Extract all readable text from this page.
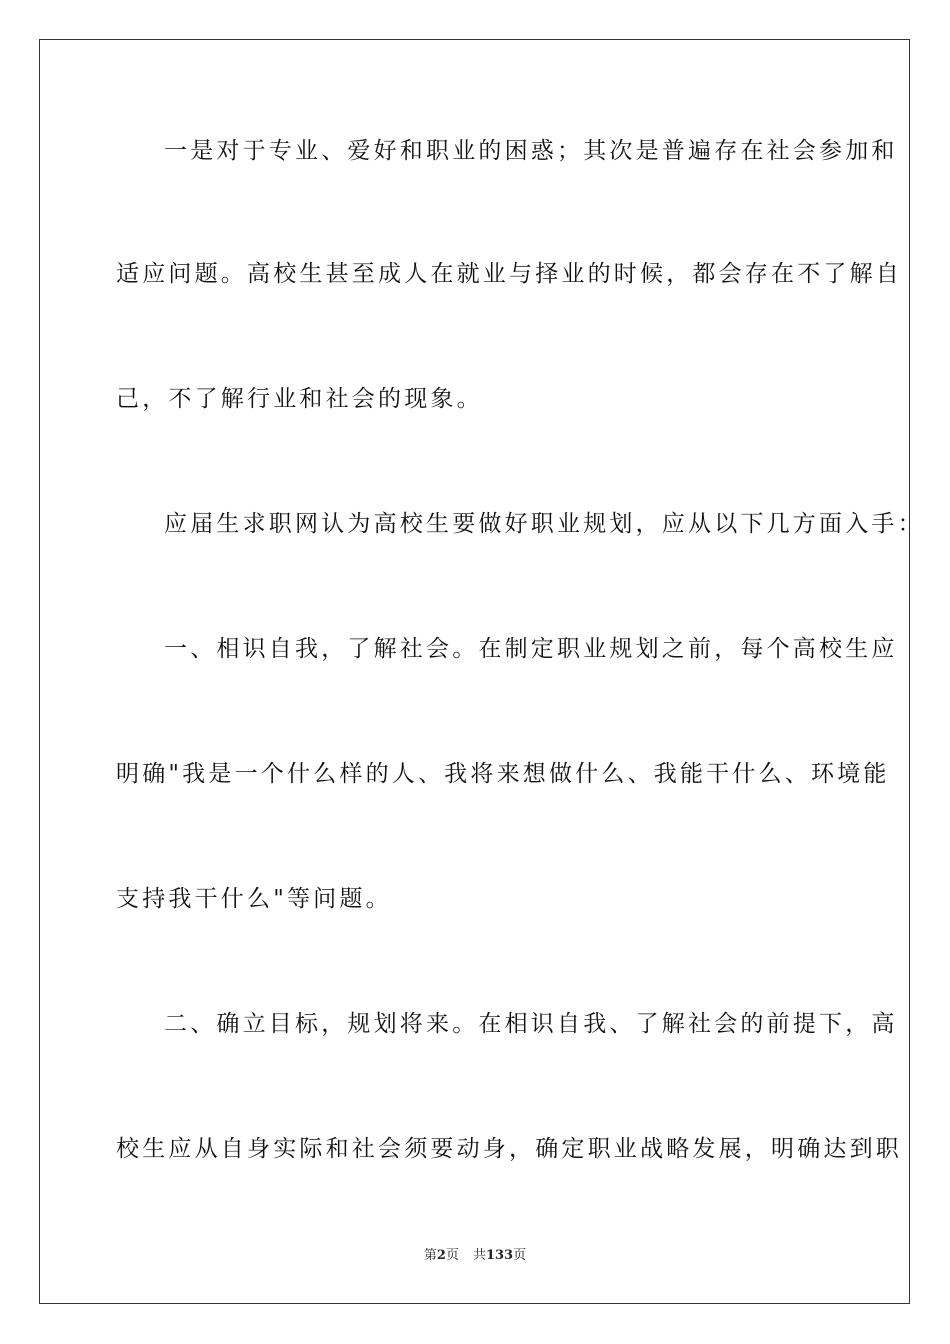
一是对于专业、爱好和职业的困惑；其次是普遍存在社会参加和
适应问题。高校生甚至成人在就业与择业的时候，都会存在不了解自
己，不了解行业和社会的现象。
应届生求职网认为高校生要做好职业规划，应从以下几方面入手：
一、相识自我，了解社会。在制定职业规划之前，每个高校生应
明确"我是一个什么样的人、我将来想做什么、我能干什么、环境能
支持我干什么"等问题。
二、确立目标，规划将来。在相识自我、了解社会的前提下，高
校生应从自身实际和社会须要动身，确定职业战略发展，明确达到职
第2页 共133页
